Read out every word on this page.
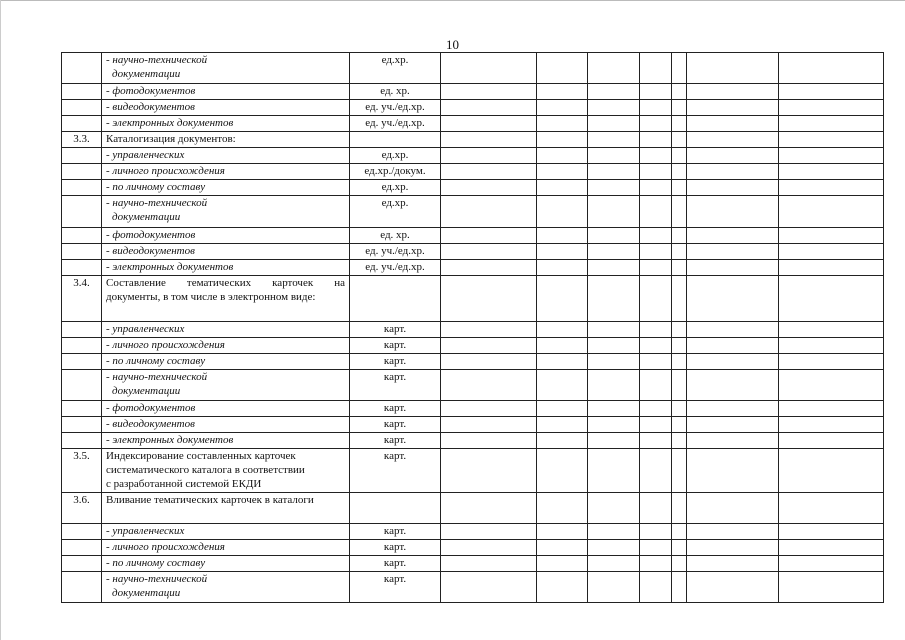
10

	- научно-технической
документации	ед.хр.							

	- фотодокументов	ед. хр.							

	- видеодокументов	ед. уч./ед.хр.							

	- электронных документов	ед. уч./ед.хр.							
3.3.	Каталогизация документов:								

	- управленческих	ед.хр.							

	- личного происхождения	ед.хр./докум.							

	- по личному составу	ед.хр.							

	- научно-технической
документации	ед.хр.							

	- фотодокументов	ед. хр.							

	- видеодокументов	ед. уч./ед.хр.							

	- электронных документов	ед. уч./ед.хр.							
3.4.	Составление тематических карточек на документы, в том числе в электронном виде:								

	- управленческих	карт.							

	- личного происхождения	карт.							

	- по личному составу	карт.							

	- научно-технической
документации	карт.							

	- фотодокументов	карт.							

	- видеодокументов	карт.							

	- электронных документов	карт.							
3.5.	Индексирование составленных карточек
систематического каталога в соответствии
с разработанной системой ЕКДИ	карт.							
3.6.	Вливание тематических карточек в каталоги								

	- управленческих	карт.							

	- личного происхождения	карт.							

	- по личному составу	карт.							

	- научно-технической
документации	карт.							
